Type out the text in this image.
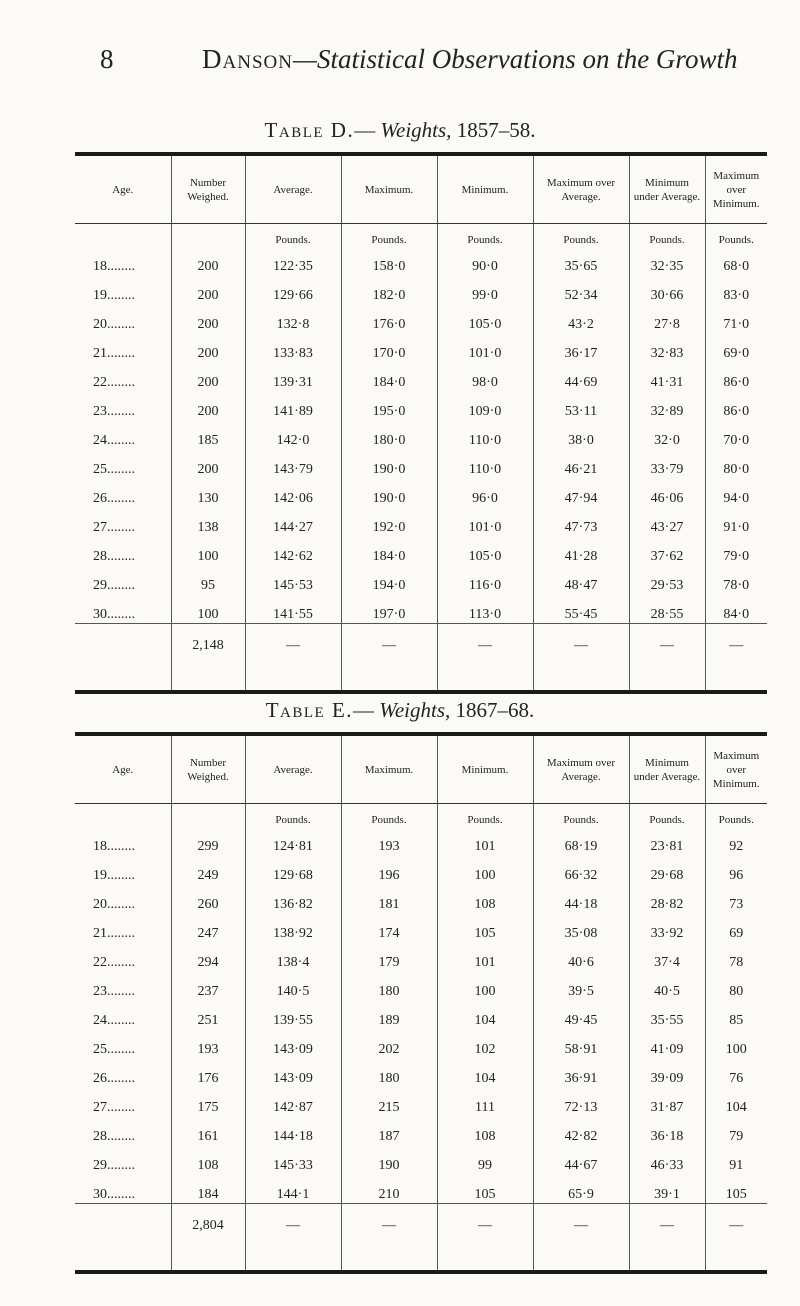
8	Danson—Statistical Observations on the Growth
Table D.— Weights, 1857–58.
Age.	Number Weighed.	Average.	Maximum.	Minimum.	Maximum over Average.	Minimum under Average.	Maximum over Minimum.
		Pounds.	Pounds.	Pounds.	Pounds.	Pounds.	Pounds.
18........	200	122·35	158·0	90·0	35·65	32·35	68·0
19........	200	129·66	182·0	99·0	52·34	30·66	83·0
20........	200	132·8	176·0	105·0	43·2	27·8	71·0
21........	200	133·83	170·0	101·0	36·17	32·83	69·0
22........	200	139·31	184·0	98·0	44·69	41·31	86·0
23........	200	141·89	195·0	109·0	53·11	32·89	86·0
24........	185	142·0	180·0	110·0	38·0	32·0	70·0
25........	200	143·79	190·0	110·0	46·21	33·79	80·0
26........	130	142·06	190·0	96·0	47·94	46·06	94·0
27........	138	144·27	192·0	101·0	47·73	43·27	91·0
28........	100	142·62	184·0	105·0	41·28	37·62	79·0
29........	95	145·53	194·0	116·0	48·47	29·53	78·0
30........	100	141·55	197·0	113·0	55·45	28·55	84·0
	2,148	—	—	—	—	—	—
Table E.— Weights, 1867–68.
Age.	Number Weighed.	Average.	Maximum.	Minimum.	Maximum over Average.	Minimum under Average.	Maximum over Minimum.
		Pounds.	Pounds.	Pounds.	Pounds.	Pounds.	Pounds.
18........	299	124·81	193	101	68·19	23·81	92
19........	249	129·68	196	100	66·32	29·68	96
20........	260	136·82	181	108	44·18	28·82	73
21........	247	138·92	174	105	35·08	33·92	69
22........	294	138·4	179	101	40·6	37·4	78
23........	237	140·5	180	100	39·5	40·5	80
24........	251	139·55	189	104	49·45	35·55	85
25........	193	143·09	202	102	58·91	41·09	100
26........	176	143·09	180	104	36·91	39·09	76
27........	175	142·87	215	111	72·13	31·87	104
28........	161	144·18	187	108	42·82	36·18	79
29........	108	145·33	190	99	44·67	46·33	91
30........	184	144·1	210	105	65·9	39·1	105
	2,804	—	—	—	—	—	—
